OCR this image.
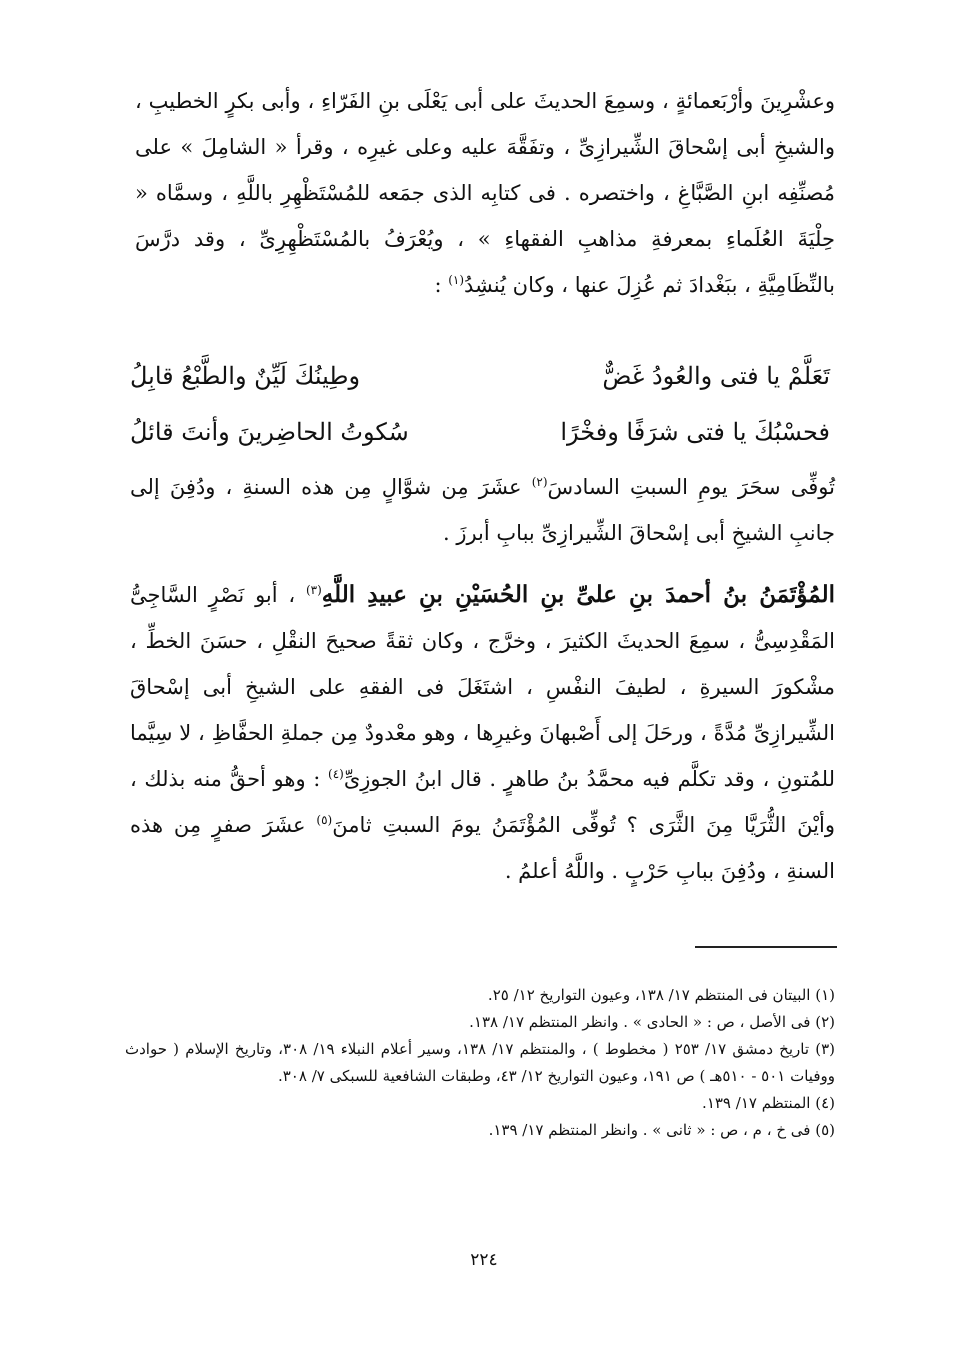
وعشْرِينَ وأرْبَعمائةٍ ، وسمِعَ الحديثَ على أبى يَعْلَى بنِ الفَرّاءِ ، وأبى بكرٍ الخطيبِ ، والشيخِ أبى إسْحاقَ الشِّيرازِىِّ ، وتفَقَّهَ عليه وعلى غيرِه ، وقرأ « الشامِلَ » على مُصنِّفِه ابنِ الصَّبَّاغِ ، واختصره . فى كتابِه الذى جمَعه للمُسْتَظْهِرِ باللَّهِ ، وسمَّاه « حِلْيَةَ العُلَماءِ بمعرفةِ مذاهبِ الفقهاءِ » ، ويُعْرَفُ بالمُسْتَظْهِرِىِّ ، وقد درَّسَ بالنِّظَامِيَّةِ ، ببَغْدادَ ثم عُزِلَ عنها ، وكان يُنشِدُ$^{(١)}$ :

تَعَلَّمْ يا فتى والعُودُ غَضٌّ
وطِينُكَ لَيِّنٌ والطَّبْعُ قابِلُ
فحسْبُكَ يا فتى شرَفًا وفخْرًا
سُكوتُ الحاضِرينَ وأنتَ قائلُ

تُوفِّى سحَرَ يومِ السبتِ السادسَ$^{(٢)}$ عشَرَ مِن شوَّالٍ مِن هذه السنةِ ، ودُفِنَ إلى جانبِ الشيخِ أبى إسْحاقَ الشِّيرازِىِّ ببابِ أبرزَ .

المُؤْتَمَنُ بنُ أحمدَ بنِ علىِّ بنِ الحُسَيْنِ بنِ عبيدِ اللَّهِ$^{(٣)}$ ، أبو نَصْرٍ السَّاجِىُّ المَقْدِسِىُّ ، سمِعَ الحديثَ الكثيرَ ، وخرَّج ، وكان ثقةً صحيحَ النقْلِ ، حسَنَ الخطِّ ، مشْكورَ السيرةِ ، لطيفَ النفْسِ ، اشتَغَلَ فى الفقهِ على الشيخِ أبى إسْحاقَ الشِّيرازِىِّ مُدَّةً ، ورحَلَ إلى أَصْبهانَ وغيرِها ، وهو معْدودٌ مِن جملةِ الحفَّاظِ ، لا سِيَّما للمُتونِ ، وقد تكلَّم فيه محمَّدُ بنُ طاهرٍ . قال ابنُ الجوزِىِّ$^{(٤)}$ : وهو أحقُّ منه بذلك ، وأيْنَ الثُّرَيَّا مِنَ الثَّرَى ؟ تُوفِّى المُؤْتَمَنُ يومَ السبتِ ثامنَ$^{(٥)}$ عشَرَ صفرٍ مِن هذه السنةِ ، ودُفِنَ ببابِ حَرْبٍ . واللَّهُ أعلمُ .

(١) البيتان فى المنتظم ١٧/ ١٣٨، وعيون التواريخ ١٢/ ٢٥.

(٢) فى الأصل ، ص : « الحادى » . وانظر المنتظم ١٧/ ١٣٨.

(٣) تاريخ دمشق ١٧/ ٢٥٣ ( مخطوط ) ، والمنتظم ١٧/ ١٣٨، وسير أعلام النبلاء ١٩/ ٣٠٨، وتاريخ الإسلام ( حوادث ووفيات ٥٠١ - ٥١٠هـ ) ص ١٩١، وعيون التواريخ ١٢/ ٤٣، وطبقات الشافعية للسبكى ٧/ ٣٠٨.

(٤) المنتظم ١٧/ ١٣٩.

(٥) فى خ ، م ، ص : « ثانى » . وانظر المنتظم ١٧/ ١٣٩.

٢٢٤
